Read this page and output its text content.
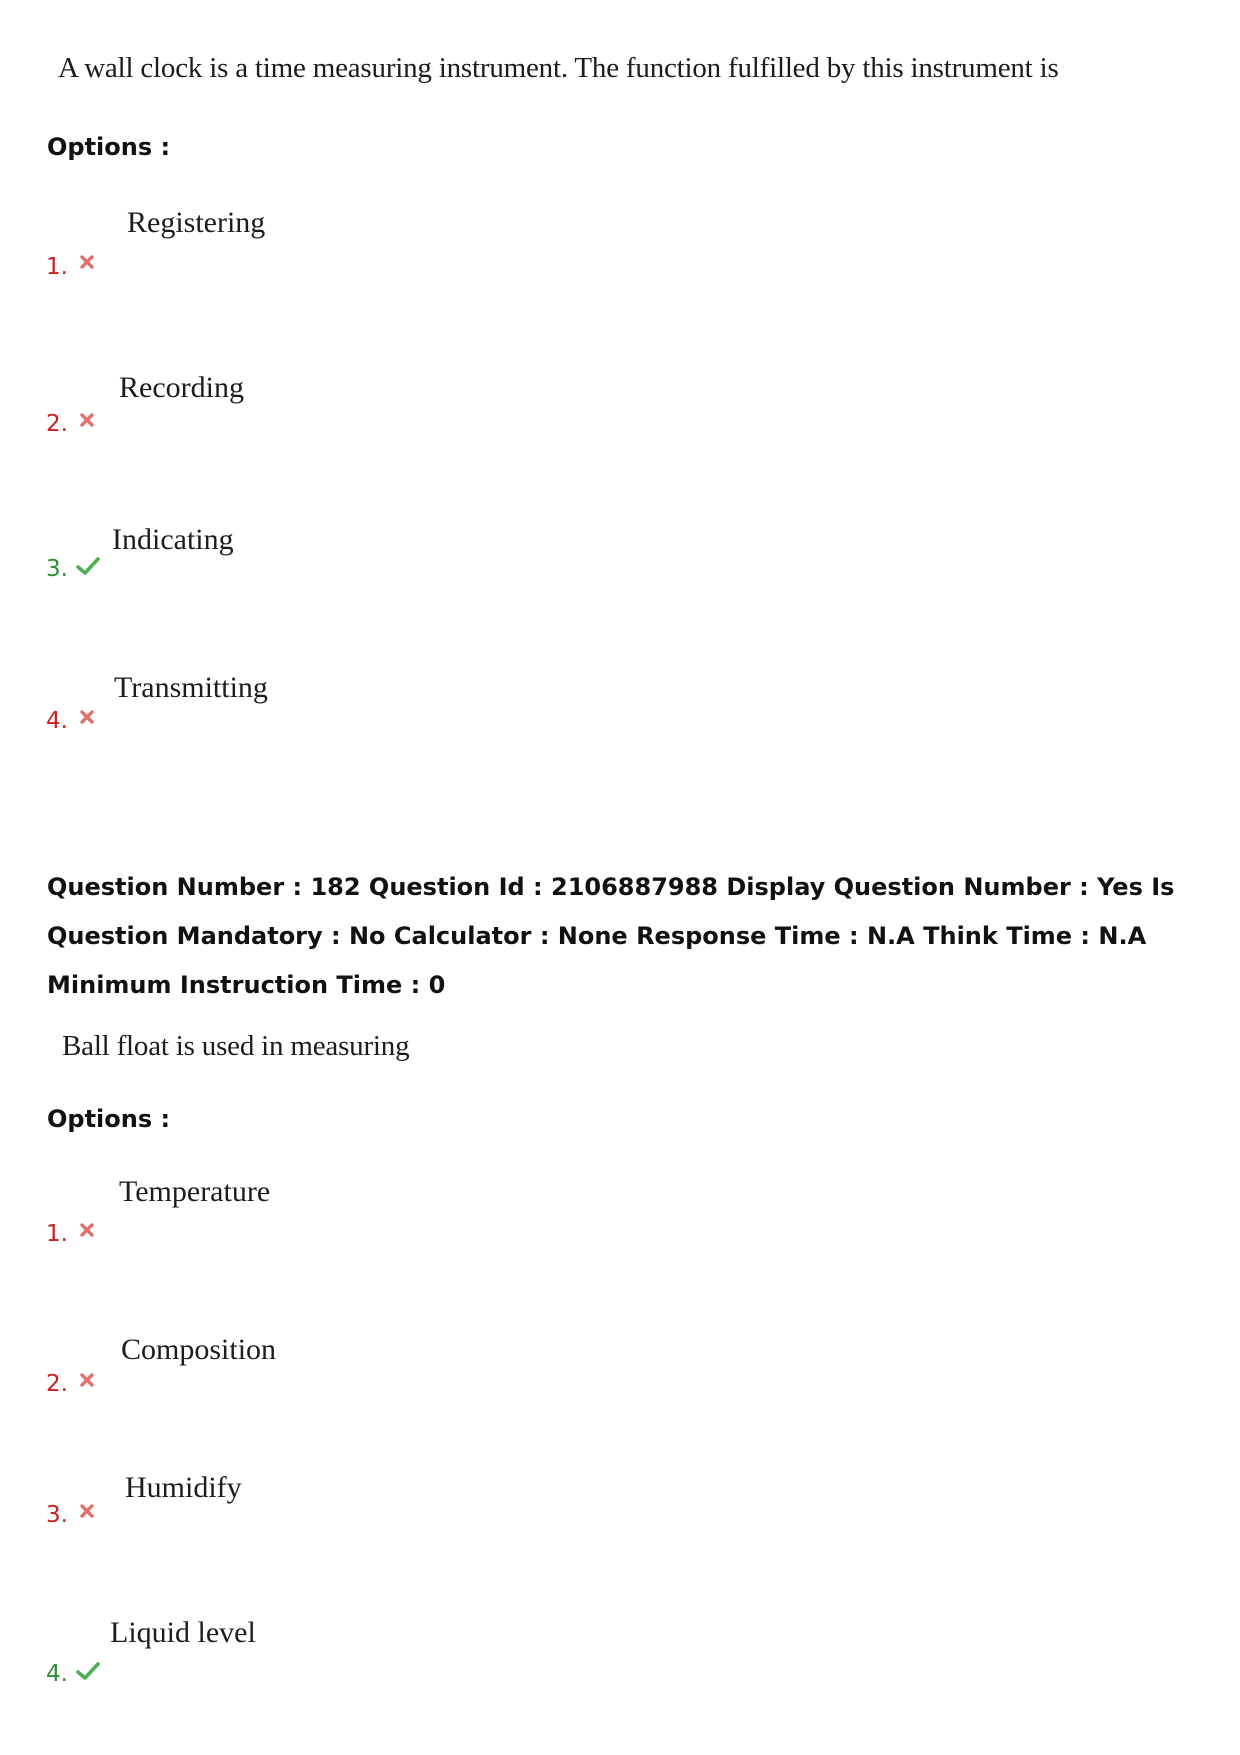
A wall clock is a time measuring instrument. The function fulfilled by this instrument is
Options :
Registering
1.
Recording
2.
Indicating
3.
Transmitting
4.
Question Number : 182 Question Id : 2106887988 Display Question Number : Yes Is Question Mandatory : No Calculator : None Response Time : N.A Think Time : N.A Minimum Instruction Time : 0
Ball float is used in measuring
Options :
Temperature
1.
Composition
2.
Humidify
3.
Liquid level
4.
